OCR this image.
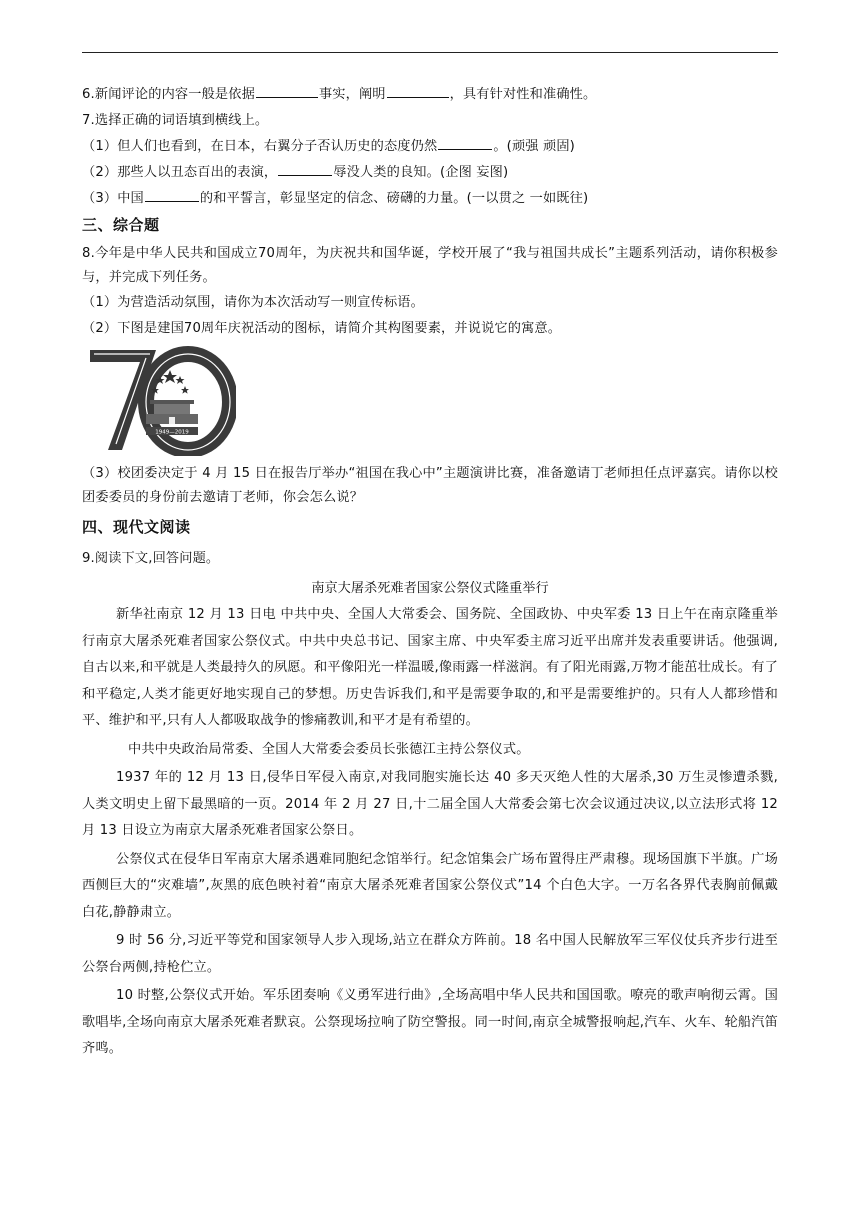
6.新闻评论的内容一般是依据	事实，阐明	，具有针对性和准确性。

7.选择正确的词语填到横线上。

（1）但人们也看到，在日本，右翼分子否认历史的态度仍然	。(顽强 顽固)

（2）那些人以丑态百出的表演，	辱没人类的良知。(企图 妄图)

（3）中国	的和平誓言，彰显坚定的信念、磅礴的力量。(一以贯之 一如既往)

三、综合题

8.今年是中华人民共和国成立70周年，为庆祝共和国华诞，学校开展了“我与祖国共成长”主题系列活动，请你积极参与，并完成下列任务。

（1）为营造活动氛围，请你为本次活动写一则宣传标语。

（2）下图是建国70周年庆祝活动的图标，请简介其构图要素，并说说它的寓意。

1949—2019

（3）校团委决定于 4 月 15 日在报告厅举办“祖国在我心中”主题演讲比赛，准备邀请丁老师担任点评嘉宾。请你以校团委委员的身份前去邀请丁老师，你会怎么说？

四、现代文阅读

9.阅读下文,回答问题。

南京大屠杀死难者国家公祭仪式隆重举行

新华社南京 12 月 13 日电 中共中央、全国人大常委会、国务院、全国政协、中央军委 13 日上午在南京隆重举行南京大屠杀死难者国家公祭仪式。中共中央总书记、国家主席、中央军委主席习近平出席并发表重要讲话。他强调,自古以来,和平就是人类最持久的夙愿。和平像阳光一样温暖,像雨露一样滋润。有了阳光雨露,万物才能茁壮成长。有了和平稳定,人类才能更好地实现自己的梦想。历史告诉我们,和平是需要争取的,和平是需要维护的。只有人人都珍惜和平、维护和平,只有人人都吸取战争的惨痛教训,和平才是有希望的。

中共中央政治局常委、全国人大常委会委员长张德江主持公祭仪式。

1937 年的 12 月 13 日,侵华日军侵入南京,对我同胞实施长达 40 多天灭绝人性的大屠杀,30 万生灵惨遭杀戮,人类文明史上留下最黑暗的一页。2014 年 2 月 27 日,十二届全国人大常委会第七次会议通过决议,以立法形式将 12 月 13 日设立为南京大屠杀死难者国家公祭日。

公祭仪式在侵华日军南京大屠杀遇难同胞纪念馆举行。纪念馆集会广场布置得庄严肃穆。现场国旗下半旗。广场西侧巨大的“灾难墙”,灰黑的底色映衬着“南京大屠杀死难者国家公祭仪式”14 个白色大字。一万名各界代表胸前佩戴白花,静静肃立。

9 时 56 分,习近平等党和国家领导人步入现场,站立在群众方阵前。18 名中国人民解放军三军仪仗兵齐步行进至公祭台两侧,持枪伫立。

10 时整,公祭仪式开始。军乐团奏响《义勇军进行曲》,全场高唱中华人民共和国国歌。嘹亮的歌声响彻云霄。国歌唱毕,全场向南京大屠杀死难者默哀。公祭现场拉响了防空警报。同一时间,南京全城警报响起,汽车、火车、轮船汽笛齐鸣。
